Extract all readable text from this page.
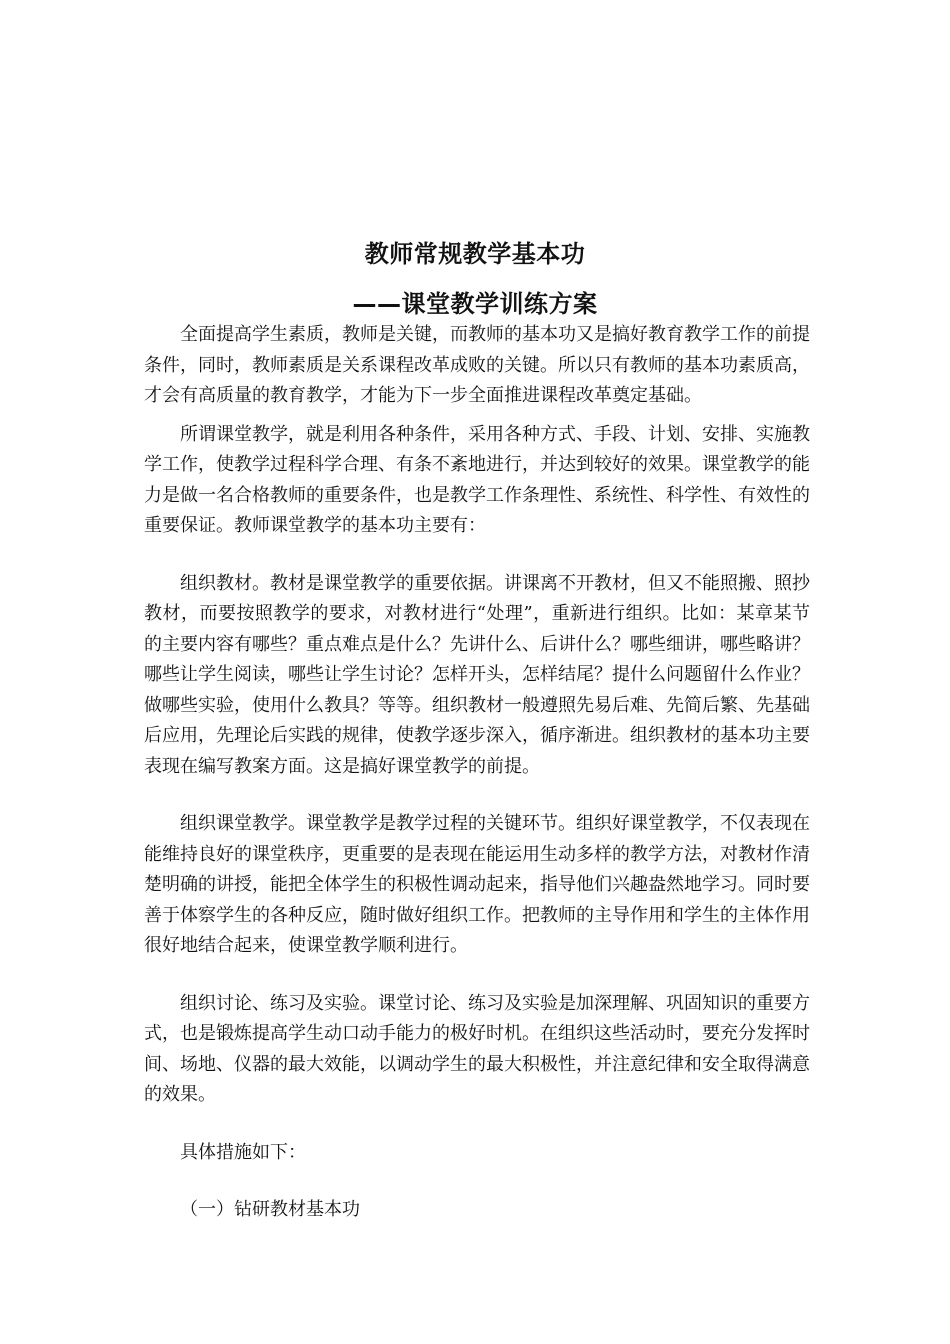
教师常规教学基本功
——课堂教学训练方案

全面提高学生素质，教师是关键，而教师的基本功又是搞好教育教学工作的前提条件，同时，教师素质是关系课程改革成败的关键。所以只有教师的基本功素质高，才会有高质量的教育教学，才能为下一步全面推进课程改革奠定基础。

所谓课堂教学，就是利用各种条件，采用各种方式、手段、计划、安排、实施教学工作，使教学过程科学合理、有条不紊地进行，并达到较好的效果。课堂教学的能力是做一名合格教师的重要条件，也是教学工作条理性、系统性、科学性、有效性的重要保证。教师课堂教学的基本功主要有：

组织教材。教材是课堂教学的重要依据。讲课离不开教材，但又不能照搬、照抄教材，而要按照教学的要求，对教材进行“处理”，重新进行组织。比如：某章某节的主要内容有哪些？重点难点是什么？先讲什么、后讲什么？哪些细讲，哪些略讲？哪些让学生阅读，哪些让学生讨论？怎样开头，怎样结尾？提什么问题留什么作业？做哪些实验，使用什么教具？等等。组织教材一般遵照先易后难、先简后繁、先基础后应用，先理论后实践的规律，使教学逐步深入，循序渐进。组织教材的基本功主要表现在编写教案方面。这是搞好课堂教学的前提。

组织课堂教学。课堂教学是教学过程的关键环节。组织好课堂教学，不仅表现在能维持良好的课堂秩序，更重要的是表现在能运用生动多样的教学方法，对教材作清楚明确的讲授，能把全体学生的积极性调动起来，指导他们兴趣盎然地学习。同时要善于体察学生的各种反应，随时做好组织工作。把教师的主导作用和学生的主体作用很好地结合起来，使课堂教学顺利进行。

组织讨论、练习及实验。课堂讨论、练习及实验是加深理解、巩固知识的重要方式，也是锻炼提高学生动口动手能力的极好时机。在组织这些活动时，要充分发挥时间、场地、仪器的最大效能，以调动学生的最大积极性，并注意纪律和安全取得满意的效果。

具体措施如下：

（一）钻研教材基本功
